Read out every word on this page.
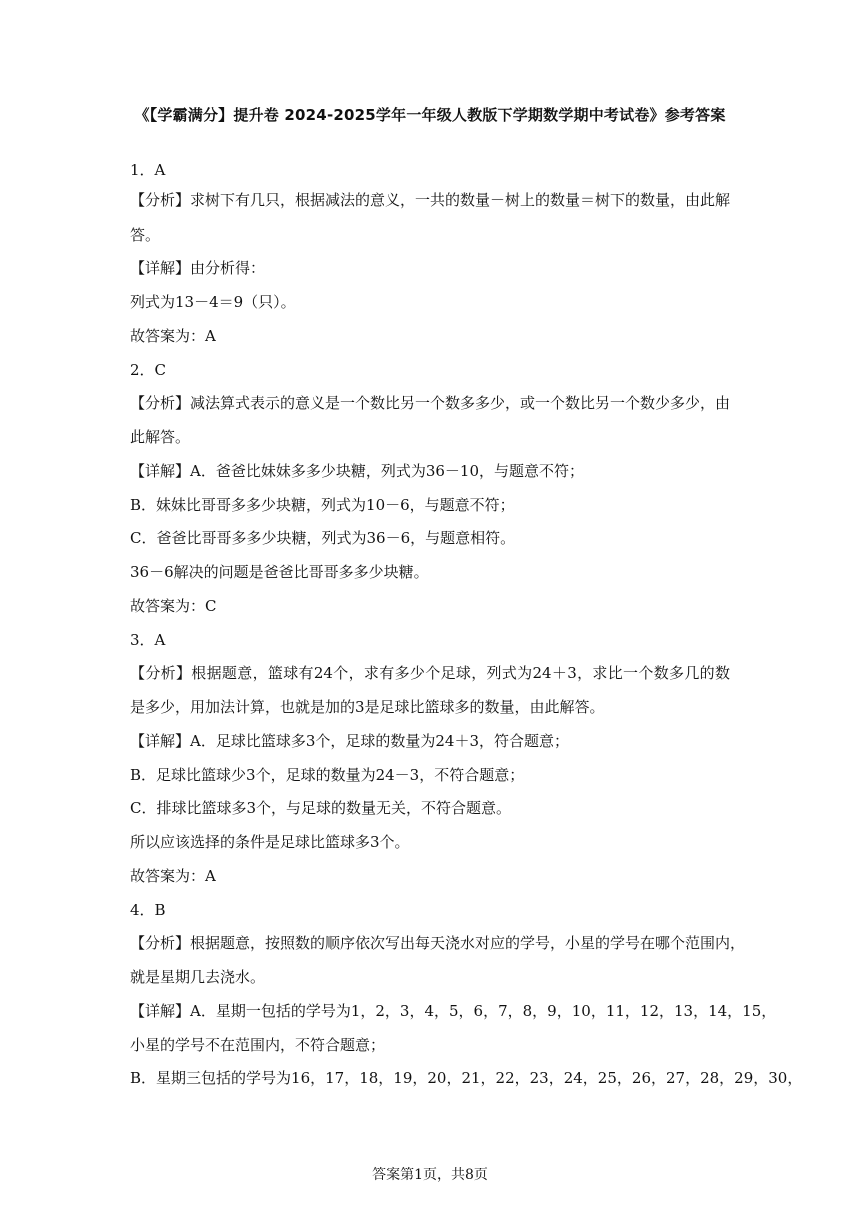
《【学霸满分】提升卷 2024-2025学年一年级人教版下学期数学期中考试卷》参考答案
1．A
【分析】求树下有几只，根据减法的意义，一共的数量－树上的数量＝树下的数量，由此解
答。
【详解】由分析得：
列式为13－4＝9（只）。
故答案为：A
2．C
【分析】减法算式表示的意义是一个数比另一个数多多少，或一个数比另一个数少多少，由
此解答。
【详解】A．爸爸比妹妹多多少块糖，列式为36－10，与题意不符；
B．妹妹比哥哥多多少块糖，列式为10－6，与题意不符；
C．爸爸比哥哥多多少块糖，列式为36－6，与题意相符。
36－6解决的问题是爸爸比哥哥多多少块糖。
故答案为：C
3．A
【分析】根据题意，篮球有24个，求有多少个足球，列式为24＋3，求比一个数多几的数
是多少，用加法计算，也就是加的3是足球比篮球多的数量，由此解答。
【详解】A．足球比篮球多3个，足球的数量为24＋3，符合题意；
B．足球比篮球少3个，足球的数量为24－3，不符合题意；
C．排球比篮球多3个，与足球的数量无关，不符合题意。
所以应该选择的条件是足球比篮球多3个。
故答案为：A
4．B
【分析】根据题意，按照数的顺序依次写出每天浇水对应的学号，小星的学号在哪个范围内，
就是星期几去浇水。
【详解】A．星期一包括的学号为1，2，3，4，5，6，7，8，9，10，11，12，13，14，15，
小星的学号不在范围内，不符合题意；
B．星期三包括的学号为16，17，18，19，20，21，22，23，24，25，26，27，28，29，30，
答案第1页，共8页
